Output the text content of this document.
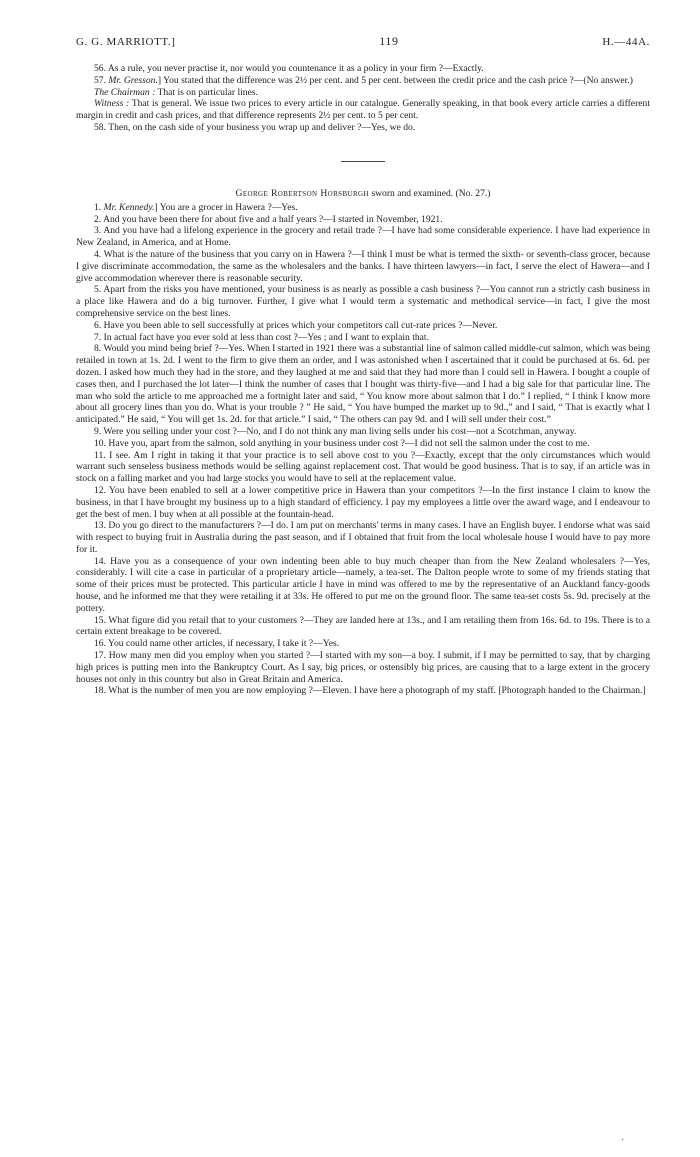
G. G. MARRIOTT.]	119	H.—44A.

56. As a rule, you never practise it, nor would you countenance it as a policy in your firm ?—Exactly.

57. Mr. Gresson.] You stated that the difference was 2½ per cent. and 5 per cent. between the credit price and the cash price ?—(No answer.)

The Chairman : That is on particular lines.

Witness : That is general. We issue two prices to every article in our catalogue. Generally speaking, in that book every article carries a different margin in credit and cash prices, and that difference represents 2½ per cent. to 5 per cent.

58. Then, on the cash side of your business you wrap up and deliver ?—Yes, we do.

George Robertson Horsburgh sworn and examined. (No. 27.)

1. Mr. Kennedy.] You are a grocer in Hawera ?—Yes.

2. And you have been there for about five and a half years ?—I started in November, 1921.

3. And you have had a lifelong experience in the grocery and retail trade ?—I have had some considerable experience. I have had experience in New Zealand, in America, and at Home.

4. What is the nature of the business that you carry on in Hawera ?—I think I must be what is termed the sixth- or seventh-class grocer, because I give discriminate accommodation, the same as the wholesalers and the banks. I have thirteen lawyers—in fact, I serve the elect of Hawera—and I give accommodation wherever there is reasonable security.

5. Apart from the risks you have mentioned, your business is as nearly as possible a cash business ?—You cannot run a strictly cash business in a place like Hawera and do a big turnover. Further, I give what I would term a systematic and methodical service—in fact, I give the most comprehensive service on the best lines.

6. Have you been able to sell successfully at prices which your competitors call cut-rate prices ?—Never.

7. In actual fact have you ever sold at less than cost ?—Yes ; and I want to explain that.

8. Would you mind being brief ?—Yes. When I started in 1921 there was a substantial line of salmon called middle-cut salmon, which was being retailed in town at 1s. 2d. I went to the firm to give them an order, and I was astonished when I ascertained that it could be purchased at 6s. 6d. per dozen. I asked how much they had in the store, and they laughed at me and said that they had more than I could sell in Hawera. I bought a couple of cases then, and I purchased the lot later—I think the number of cases that I bought was thirty-five—and I had a big sale for that particular line. The man who sold the article to me approached me a fortnight later and said, “ You know more about salmon that I do.” I replied, “ I think I know more about all grocery lines than you do. What is your trouble ? ” He said, “ You have bumped the market up to 9d.,” and I said, “ That is exactly what I anticipated.” He said, “ You will get 1s. 2d. for that article.” I said, “ The others can pay 9d. and I will sell under their cost.”

9. Were you selling under your cost ?—No, and I do not think any man living sells under his cost—not a Scotchman, anyway.

10. Have you, apart from the salmon, sold anything in your business under cost ?—I did not sell the salmon under the cost to me.

11. I see. Am I right in taking it that your practice is to sell above cost to you ?—Exactly, except that the only circumstances which would warrant such senseless business methods would be selling against replacement cost. That would be good business. That is to say, if an article was in stock on a falling market and you had large stocks you would have to sell at the replacement value.

12. You have been enabled to sell at a lower competitive price in Hawera than your competitors ?—In the first instance I claim to know the business, in that I have brought my business up to a high standard of efficiency. I pay my employees a little over the award wage, and I endeavour to get the best of men. I buy when at all possible at the fountain-head.

13. Do you go direct to the manufacturers ?—I do. I am put on merchants' terms in many cases. I have an English buyer. I endorse what was said with respect to buying fruit in Australia during the past season, and if I obtained that fruit from the local wholesale house I would have to pay more for it.

14. Have you as a consequence of your own indenting been able to buy much cheaper than from the New Zealand wholesalers ?—Yes, considerably. I will cite a case in particular of a proprietary article—namely, a tea-set. The Dalton people wrote to some of my friends stating that some of their prices must be protected. This particular article I have in mind was offered to me by the representative of an Auckland fancy-goods house, and he informed me that they were retailing it at 33s. He offered to put me on the ground floor. The same tea-set costs 5s. 9d. precisely at the pottery.

15. What figure did you retail that to your customers ?—They are landed here at 13s., and I am retailing them from 16s. 6d. to 19s. There is to a certain extent breakage to be covered.

16. You could name other articles, if necessary, I take it ?—Yes.

17. How many men did you employ when you started ?—I started with my son—a boy. I submit, if I may be permitted to say, that by charging high prices is putting men into the Bankruptcy Court. As I say, big prices, or ostensibly big prices, are causing that to a large extent in the grocery houses not only in this country but also in Great Britain and America.

18. What is the number of men you are now employing ?—Eleven. I have here a photograph of my staff. [Photograph handed to the Chairman.]

·
